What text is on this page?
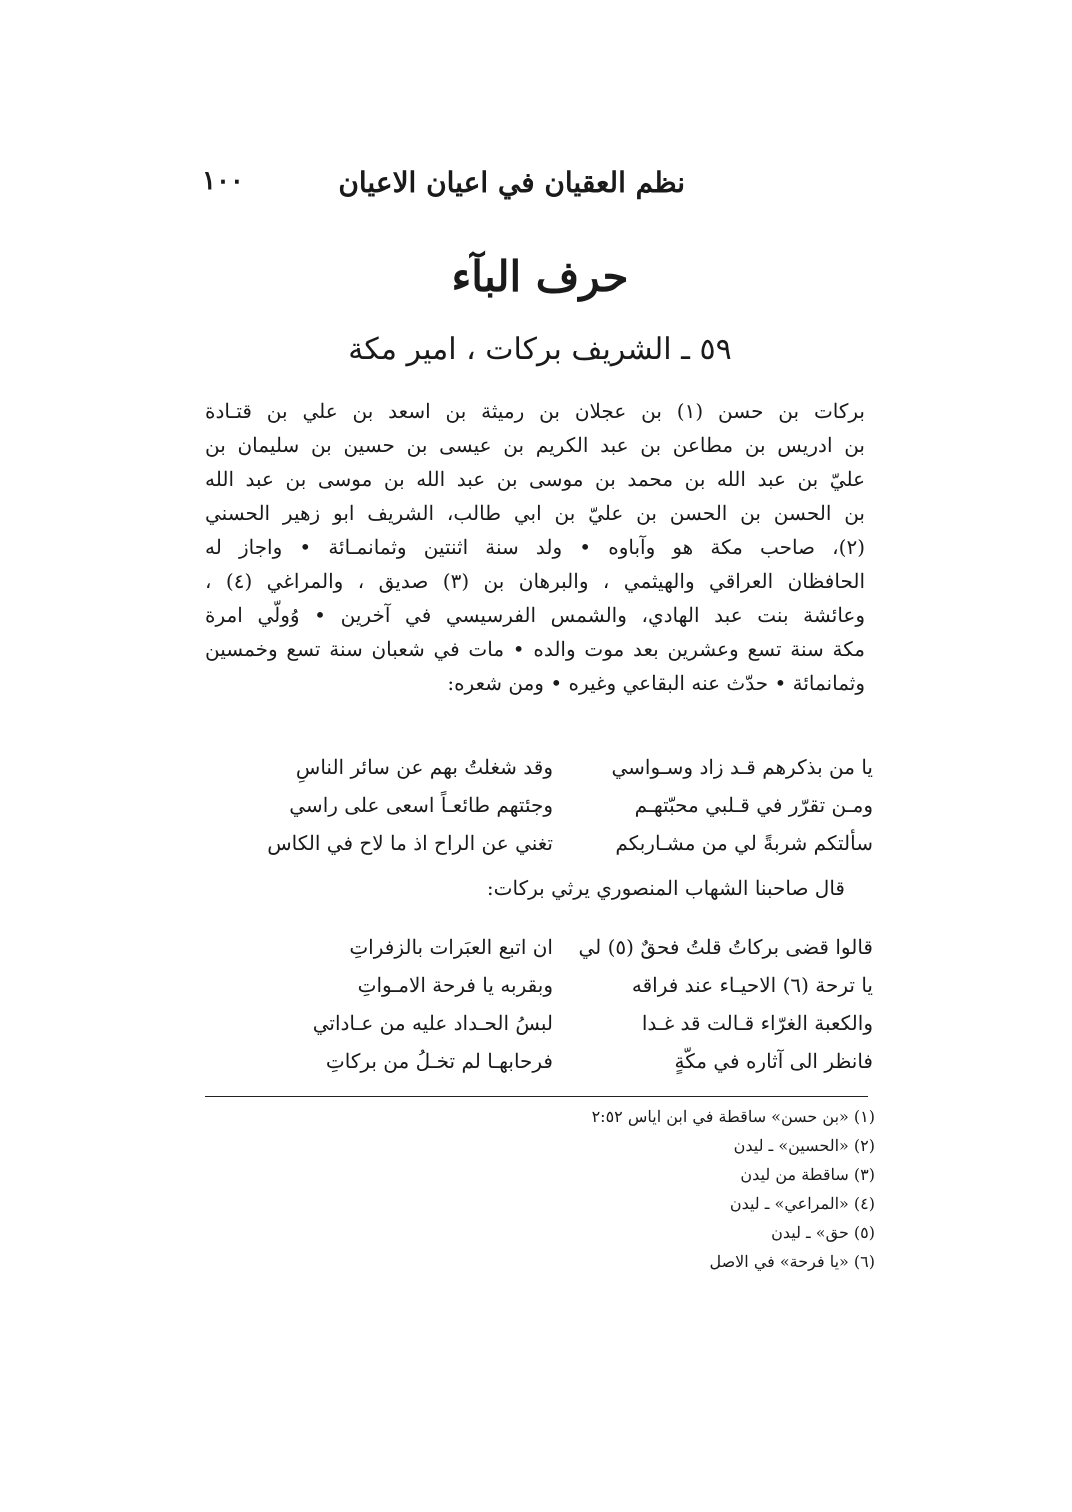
نظم العقيان في اعيان الاعيان
١٠٠
حرف البآء
٥٩ ـ الشريف بركات ، امير مكة
بركات بن حسن (١) بن عجلان بن رميثة بن اسعد بن علي بن قتـادة
بن ادريس بن مطاعن بن عبد الكريم بن عيسى بن حسين بن سليمان بن
عليّ بن عبد الله بن محمد بن موسى بن عبد الله بن موسى بن عبد الله
بن الحسن بن الحسن بن عليّ بن ابي طالب، الشريف ابو زهير الحسني
(٢)، صاحب مكة هو وآباوه • ولد سنة اثنتين وثمانمـائة • واجاز له
الحافظان العراقي والهيثمي ، والبرهان بن (٣) صديق ، والمراغي (٤) ،
وعائشة بنت عبد الهادي، والشمس الفرسيسي في آخرين • وُولّي امرة
مكة سنة تسع وعشرين بعد موت والده • مات في شعبان سنة تسع وخمسين
وثمانمائة • حدّث عنه البقاعي وغيره • ومن شعره:
يا من بذكرهم قـد زاد وسـواسي
وقد شغلتُ بهم عن سائر الناسِ
ومـن تقرّر في قـلبي محبّتهـم
وجئتهم طائعـاً اسعى على راسي
سألتكم شربةً لي من مشـاربكم
تغني عن الراح اذ ما لاح في الكاس
قال صاحبنا الشهاب المنصوري يرثي بركات:
قالوا قضى بركاتُ قلتُ فحقٌ (٥) لي
ان اتبع العبَرات بالزفراتِ
يا ترحة (٦) الاحيـاء عند فراقه
وبقربه يا فرحة الامـواتِ
والكعبة الغرّاء قـالت قد غـدا
لبسُ الحـداد عليه من عـاداتي
فانظر الى آثاره في مكّةٍ
فرحابهـا لم تخـلُ من بركاتِ
(١) «بن حسن» ساقطة في ابن اياس ٢:٥٢
(٢) «الحسين» ـ ليدن
(٣) ساقطة من ليدن
(٤) «المراعي» ـ ليدن
(٥) حق» ـ ليدن
(٦) «يا فرحة» في الاصل
